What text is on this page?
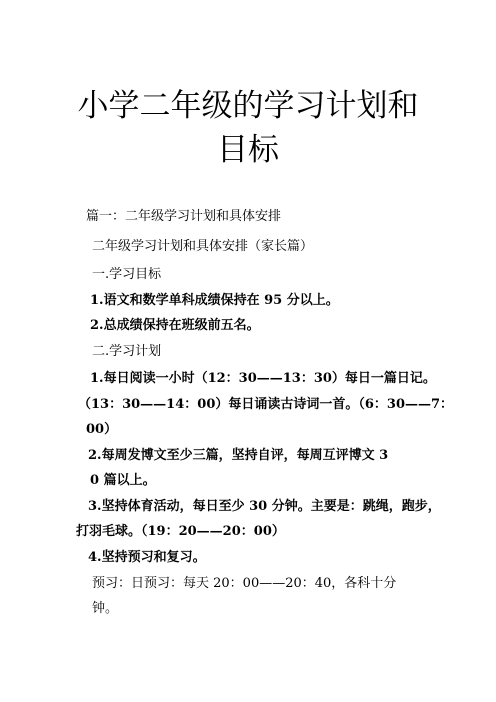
小学二年级的学习计划和
目标
篇一：二年级学习计划和具体安排
二年级学习计划和具体安排（家长篇）
一.学习目标
1.语文和数学单科成绩保持在 95 分以上。
2.总成绩保持在班级前五名。
二.学习计划
1.每日阅读一小时（12：30——13：30）每日一篇日记。
（13：30——14：00）每日诵读古诗词一首。（6：30——7：
00）
2.每周发博文至少三篇，坚持自评，每周互评博文 3
0 篇以上。
3.坚持体育活动，每日至少 30 分钟。主要是：跳绳，跑步，
打羽毛球。（19：20——20：00）
4.坚持预习和复习。
预习：日预习：每天 20：00——20：40，各科十分
钟。
